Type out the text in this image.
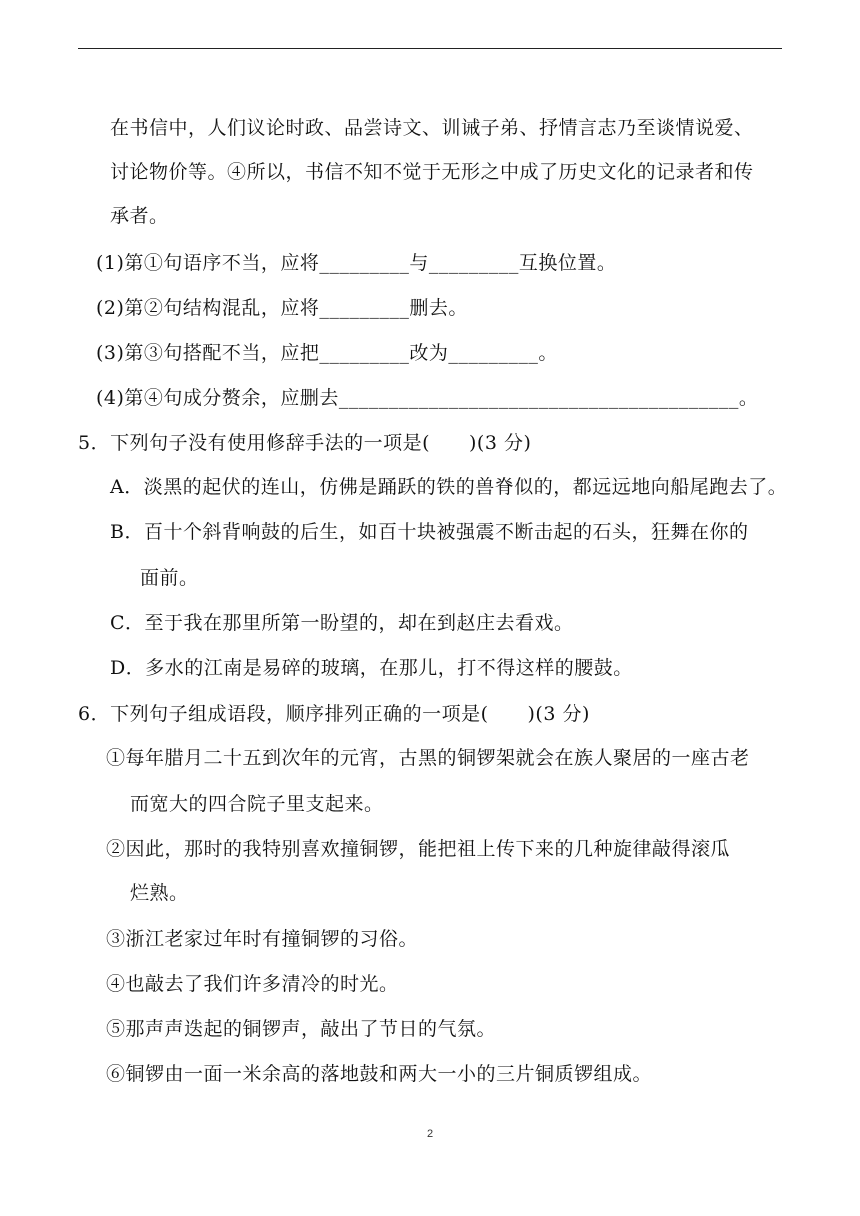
在书信中，人们议论时政、品尝诗文、训诫子弟、抒情言志乃至谈情说爱、
讨论物价等。④所以，书信不知不觉于无形之中成了历史文化的记录者和传
承者。
(1)第①句语序不当，应将_________与_________互换位置。
(2)第②句结构混乱，应将_________删去。
(3)第③句搭配不当，应把_________改为_________。
(4)第④句成分赘余，应删去________________________________________。
5．下列句子没有使用修辞手法的一项是(　　)(3 分)
A．淡黑的起伏的连山，仿佛是踊跃的铁的兽脊似的，都远远地向船尾跑去了。
B．百十个斜背响鼓的后生，如百十块被强震不断击起的石头，狂舞在你的
面前。
C．至于我在那里所第一盼望的，却在到赵庄去看戏。
D．多水的江南是易碎的玻璃，在那儿，打不得这样的腰鼓。
6．下列句子组成语段，顺序排列正确的一项是(　　)(3 分)
①每年腊月二十五到次年的元宵，古黑的铜锣架就会在族人聚居的一座古老
而宽大的四合院子里支起来。
②因此，那时的我特别喜欢撞铜锣，能把祖上传下来的几种旋律敲得滚瓜
烂熟。
③浙江老家过年时有撞铜锣的习俗。
④也敲去了我们许多清冷的时光。
⑤那声声迭起的铜锣声，敲出了节日的气氛。
⑥铜锣由一面一米余高的落地鼓和两大一小的三片铜质锣组成。
2
